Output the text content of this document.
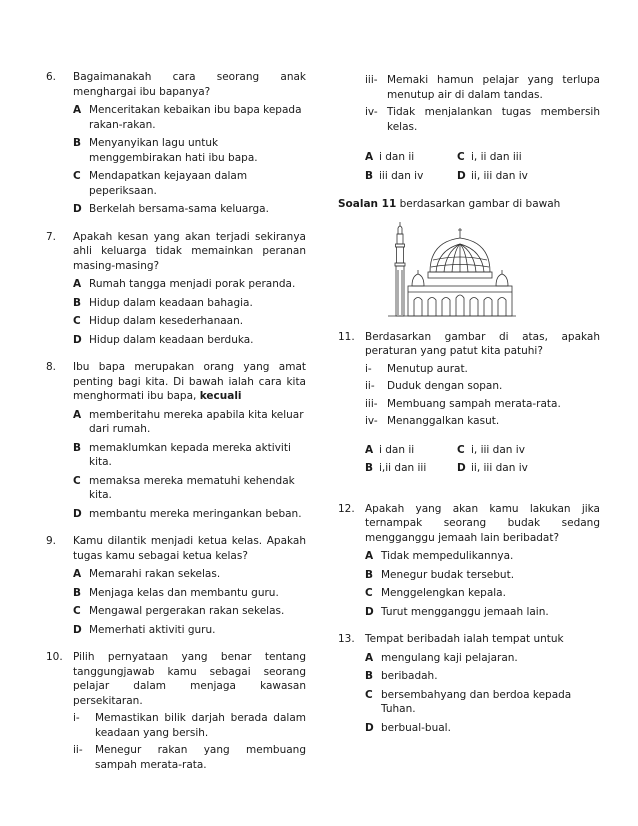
6. Bagaimanakah cara seorang anak menghargai ibu bapanya?
A Menceritakan kebaikan ibu bapa kepada rakan-rakan.
B Menyanyikan lagu untuk menggembirakan hati ibu bapa.
C Mendapatkan kejayaan dalam peperiksaan.
D Berkelah bersama-sama keluarga.
7. Apakah kesan yang akan terjadi sekiranya ahli keluarga tidak memainkan peranan masing-masing?
A Rumah tangga menjadi porak peranda.
B Hidup dalam keadaan bahagia.
C Hidup dalam kesederhanaan.
D Hidup dalam keadaan berduka.
8. Ibu bapa merupakan orang yang amat penting bagi kita. Di bawah ialah cara kita menghormati ibu bapa, kecuali
A memberitahu mereka apabila kita keluar dari rumah.
B memaklumkan kepada mereka aktiviti kita.
C memaksa mereka mematuhi kehendak kita.
D membantu mereka meringankan beban.
9. Kamu dilantik menjadi ketua kelas. Apakah tugas kamu sebagai ketua kelas?
A Memarahi rakan sekelas.
B Menjaga kelas dan membantu guru.
C Mengawal pergerakan rakan sekelas.
D Memerhati aktiviti guru.
10. Pilih pernyataan yang benar tentang tanggungjawab kamu sebagai seorang pelajar dalam menjaga kawasan persekitaran.
i- Memastikan bilik darjah berada dalam keadaan yang bersih.
ii- Menegur rakan yang membuang sampah merata-rata.
iii- Memaki hamun pelajar yang terlupa menutup air di dalam tandas.
iv- Tidak menjalankan tugas membersih kelas.
A i dan ii	C i, ii dan iii
B iii dan iv	D ii, iii dan iv
Soalan 11 berdasarkan gambar di bawah
11. Berdasarkan gambar di atas, apakah peraturan yang patut kita patuhi?
i- Menutup aurat.
ii- Duduk dengan sopan.
iii- Membuang sampah merata-rata.
iv- Menanggalkan kasut.
A i dan ii	C i, iii dan iv
B i,ii dan iii	D ii, iii dan iv
12. Apakah yang akan kamu lakukan jika ternampak seorang budak sedang mengganggu jemaah lain beribadat?
A Tidak mempedulikannya.
B Menegur budak tersebut.
C Menggelengkan kepala.
D Turut mengganggu jemaah lain.
13. Tempat beribadah ialah tempat untuk
A mengulang kaji pelajaran.
B beribadah.
C bersembahyang dan berdoa kepada Tuhan.
D berbual-bual.
